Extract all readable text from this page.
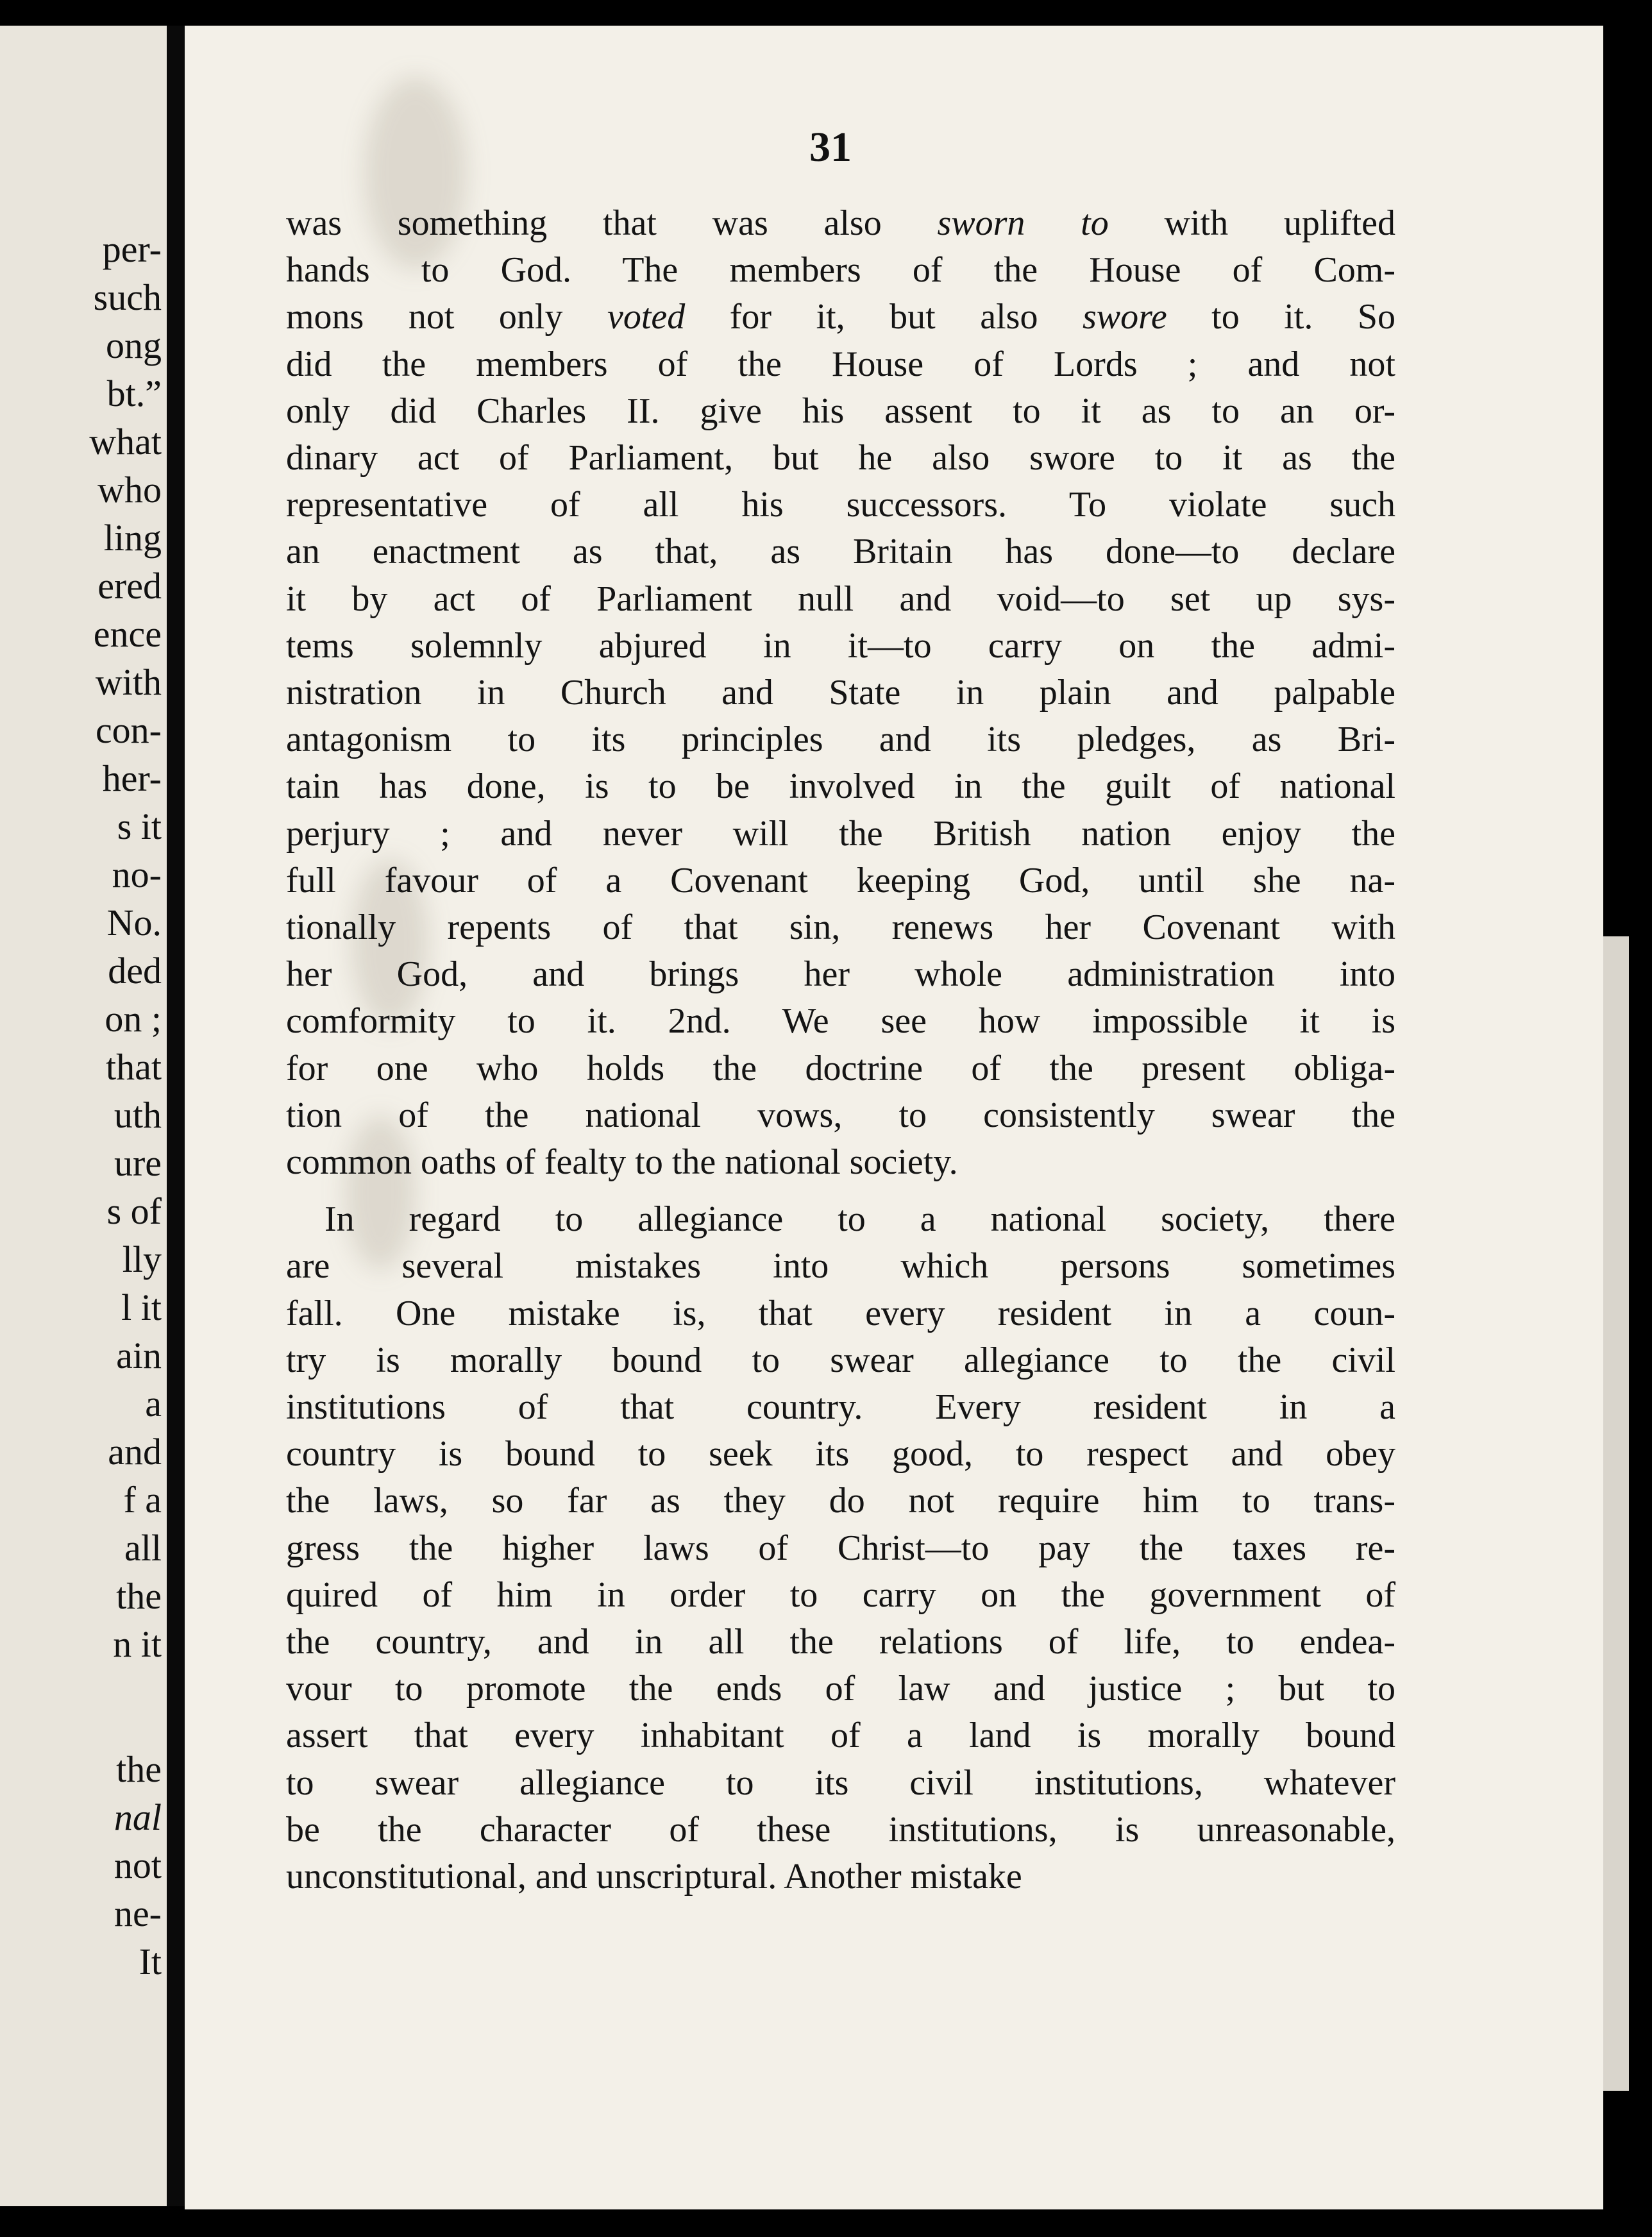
per-
such
ong
bt.”
what
who
ling
ered
ence
with
con-
her-
s it
no-
No.
ded
on ;
that
uth
ure
s of
lly
l it
ain
a
and
f a
all
the
n it
the
nal
not
ne-
It
31
was something that was also sworn to with uplifted
hands to God. The members of the House of Com-
mons not only voted for it, but also swore to it. So
did the members of the House of Lords ; and not
only did Charles II. give his assent to it as to an or-
dinary act of Parliament, but he also swore to it as the
representative of all his successors. To violate such
an enactment as that, as Britain has done—to declare
it by act of Parliament null and void—to set up sys-
tems solemnly abjured in it—to carry on the admi-
nistration in Church and State in plain and palpable
antagonism to its principles and its pledges, as Bri-
tain has done, is to be involved in the guilt of national
perjury ; and never will the British nation enjoy the
full favour of a Covenant keeping God, until she na-
tionally repents of that sin, renews her Covenant with
her God, and brings her whole administration into
comformity to it. 2nd. We see how impossible it is
for one who holds the doctrine of the present obliga-
tion of the national vows, to consistently swear the
common oaths of fealty to the national society.
In regard to allegiance to a national society, there
are several mistakes into which persons sometimes
fall. One mistake is, that every resident in a coun-
try is morally bound to swear allegiance to the civil
institutions of that country. Every resident in a
country is bound to seek its good, to respect and obey
the laws, so far as they do not require him to trans-
gress the higher laws of Christ—to pay the taxes re-
quired of him in order to carry on the government of
the country, and in all the relations of life, to endea-
vour to promote the ends of law and justice ; but to
assert that every inhabitant of a land is morally bound
to swear allegiance to its civil institutions, whatever
be the character of these institutions, is unreasonable,
unconstitutional, and unscriptural. Another mistake
